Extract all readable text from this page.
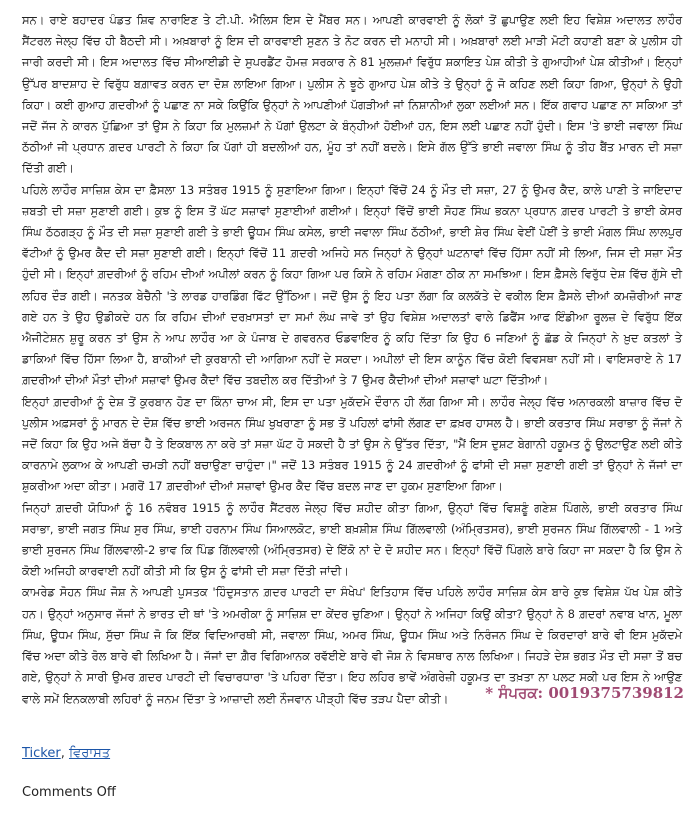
ਸਨ। ਰਾਏ ਬਹਾਦਰ ਪੰਡਤ ਸ਼ਿਵ ਨਾਰਾਇਣ ਤੇ ਟੀ.ਪੀ. ਐਲਿਸ ਇਸ ਦੇ ਮੈਂਬਰ ਸਨ। ਆਪਣੀ ਕਾਰਵਾਈ ਨੂੰ ਲੋਕਾਂ ਤੋਂ ਛੁਪਾਉਣ ਲਈ ਇਹ ਵਿਸ਼ੇਸ਼ ਅਦਾਲਤ ਲਾਹੌਰ ਸੈਂਟਰਲ ਜੇਲ੍ਹ ਵਿੱਚ ਹੀ ਬੈਠਦੀ ਸੀ। ਅਖ਼ਬਾਰਾਂ ਨੂੰ ਇਸ ਦੀ ਕਾਰਵਾਈ ਸੁਣਨ ਤੇ ਨੋਟ ਕਰਨ ਦੀ ਮਨਾਹੀ ਸੀ। ਅਖ਼ਬਾਰਾਂ ਲਈ ਮਾੜੀ ਮੋਟੀ ਕਹਾਣੀ ਬਣਾ ਕੇ ਪੁਲੀਸ ਹੀ ਜਾਰੀ ਕਰਦੀ ਸੀ। ਇਸ ਅਦਾਲਤ ਵਿੱਚ ਸੀਆਈਡੀ ਦੇ ਸੁਪਰਡੈਂਟ ਹੋਮਜ਼ ਸਰਕਾਰ ਨੇ 81 ਮੁਲਜ਼ਮਾਂ ਵਿਰੁੱਧ ਸ਼ਕਾਇਤ ਪੇਸ਼ ਕੀਤੀ ਤੇ ਗੁਆਹੀਆਂ ਪੇਸ਼ ਕੀਤੀਆਂ। ਇਨ੍ਹਾਂ ਉੱਪਰ ਬਾਦਸ਼ਾਹ ਦੇ ਵਿਰੁੱਧ ਬਗ਼ਾਵਤ ਕਰਨ ਦਾ ਦੋਸ਼ ਲਾਇਆ ਗਿਆ। ਪੁਲੀਸ ਨੇ ਝੂਠੇ ਗੁਆਹ ਪੇਸ਼ ਕੀਤੇ ਤੇ ਉਨ੍ਹਾਂ ਨੂੰ ਜੋ ਕਹਿਣ ਲਈ ਕਿਹਾ ਗਿਆ, ਉਨ੍ਹਾਂ ਨੇ ਉਹੀ ਕਿਹਾ। ਕਈ ਗੁਆਹ ਗ਼ਦਰੀਆਂ ਨੂੰ ਪਛਾਣ ਨਾ ਸਕੇ ਕਿਉਂਕਿ ਉਨ੍ਹਾਂ ਨੇ ਆਪਣੀਆਂ ਪੱਗੜੀਆਂ ਜਾਂ ਨਿਸ਼ਾਨੀਆਂ ਲੁਕਾ ਲਈਆਂ ਸਨ। ਇੱਕ ਗਵਾਹ ਪਛਾਣ ਨਾ ਸਕਿਆ ਤਾਂ ਜਦੋਂ ਜੱਜ ਨੇ ਕਾਰਨ ਪੁੱਛਿਆ ਤਾਂ ਉਸ ਨੇ ਕਿਹਾ ਕਿ ਮੁਲਜ਼ਮਾਂ ਨੇ ਪੱਗਾਂ ਉਲਟਾ ਕੇ ਬੰਨ੍ਹੀਆਂ ਹੋਈਆਂ ਹਨ, ਇਸ ਲਈ ਪਛਾਣ ਨਹੀਂ ਹੁੰਦੀ। ਇਸ 'ਤੇ ਭਾਈ ਜਵਾਲਾ ਸਿੰਘ ਠੱਠੀਆਂ ਜੀ ਪ੍ਰਧਾਨ ਗ਼ਦਰ ਪਾਰਟੀ ਨੇ ਕਿਹਾ ਕਿ ਪੱਗਾਂ ਹੀ ਬਦਲੀਆਂ ਹਨ, ਮੂੰਹ ਤਾਂ ਨਹੀਂ ਬਦਲੇ। ਇਸੇ ਗੱਲ ਉੱਤੇ ਭਾਈ ਜਵਾਲਾ ਸਿੰਘ ਨੂੰ ਤੀਹ ਬੈਂਤ ਮਾਰਨ ਦੀ ਸਜ਼ਾ ਦਿੱਤੀ ਗਈ।

ਪਹਿਲੇ ਲਾਹੌਰ ਸਾਜ਼ਿਸ਼ ਕੇਸ ਦਾ ਫ਼ੈਸਲਾ 13 ਸਤੰਬਰ 1915 ਨੂੰ ਸੁਣਾਇਆ ਗਿਆ। ਇਨ੍ਹਾਂ ਵਿੱਚੋਂ 24 ਨੂੰ ਮੌਤ ਦੀ ਸਜ਼ਾ, 27 ਨੂੰ ਉਮਰ ਕੈਦ, ਕਾਲੇ ਪਾਣੀ ਤੇ ਜਾਇਦਾਦ ਜ਼ਬਤੀ ਦੀ ਸਜ਼ਾ ਸੁਣਾਈ ਗਈ। ਕੁਝ ਨੂੰ ਇਸ ਤੋਂ ਘੱਟ ਸਜ਼ਾਵਾਂ ਸੁਣਾਈਆਂ ਗਈਆਂ। ਇਨ੍ਹਾਂ ਵਿੱਚੋਂ ਭਾਈ ਸੋਹਣ ਸਿੰਘ ਭਕਨਾ ਪ੍ਰਧਾਨ ਗ਼ਦਰ ਪਾਰਟੀ ਤੇ ਭਾਈ ਕੇਸਰ ਸਿੰਘ ਠੱਠਗੜ੍ਹ ਨੂੰ ਮੌਤ ਦੀ ਸਜ਼ਾ ਸੁਣਾਈ ਗਈ ਤੇ ਭਾਈ ਊਧਮ ਸਿੰਘ ਕਸੇਲ, ਭਾਈ ਜਵਾਲਾ ਸਿੰਘ ਠੱਠੀਆਂ, ਭਾਈ ਸ਼ੇਰ ਸਿੰਘ ਵੇਈਂ ਪੋਈਂ ਤੇ ਭਾਈ ਮੰਗਲ ਸਿੰਘ ਲਾਲਪੁਰ ਵੱਟੀਆਂ ਨੂੰ ਉਮਰ ਕੈਦ ਦੀ ਸਜ਼ਾ ਸੁਣਾਈ ਗਈ। ਇਨ੍ਹਾਂ ਵਿੱਚੋਂ 11 ਗ਼ਦਰੀ ਅਜਿਹੇ ਸਨ ਜਿਨ੍ਹਾਂ ਨੇ ਉਨ੍ਹਾਂ ਘਟਨਾਵਾਂ ਵਿੱਚ ਹਿੱਸਾ ਨਹੀਂ ਸੀ ਲਿਆ, ਜਿਸ ਦੀ ਸਜ਼ਾ ਮੌਤ ਹੁੰਦੀ ਸੀ। ਇਨ੍ਹਾਂ ਗ਼ਦਰੀਆਂ ਨੂੰ ਰਹਿਮ ਦੀਆਂ ਅਪੀਲਾਂ ਕਰਨ ਨੂੰ ਕਿਹਾ ਗਿਆ ਪਰ ਕਿਸੇ ਨੇ ਰਹਿਮ ਮੰਗਣਾ ਠੀਕ ਨਾ ਸਮਝਿਆ। ਇਸ ਫ਼ੈਸਲੇ ਵਿਰੁੱਧ ਦੇਸ਼ ਵਿੱਚ ਗੁੱਸੇ ਦੀ ਲਹਿਰ ਦੌੜ ਗਈ। ਜਨਤਕ ਬੇਚੈਨੀ 'ਤੇ ਲਾਰਡ ਹਾਰਡਿੰਗ ਫਿੱਟ ਉੱਠਿਆ। ਜਦੋਂ ਉਸ ਨੂੰ ਇਹ ਪਤਾ ਲੱਗਾ ਕਿ ਕਲਕੱਤੇ ਦੇ ਵਕੀਲ ਇਸ ਫ਼ੈਸਲੇ ਦੀਆਂ ਕਮਜ਼ੋਰੀਆਂ ਜਾਣ ਗਏ ਹਨ ਤੇ ਉਹ ਉਡੀਕਦੇ ਹਨ ਕਿ ਰਹਿਮ ਦੀਆਂ ਦਰਖ਼ਾਸਤਾਂ ਦਾ ਸਮਾਂ ਲੰਘ ਜਾਵੇ ਤਾਂ ਉਹ ਵਿਸ਼ੇਸ਼ ਅਦਾਲਤਾਂ ਵਾਲੇ ਡਿਫੈਂਸ ਆਫ ਇੰਡੀਆ ਰੂਲਜ਼ ਦੇ ਵਿਰੁੱਧ ਇੱਕ ਐਜੀਟੇਸ਼ਨ ਸ਼ੁਰੂ ਕਰਨ ਤਾਂ ਉਸ ਨੇ ਆਪ ਲਾਹੌਰ ਆ ਕੇ ਪੰਜਾਬ ਦੇ ਗਵਰਨਰ ਓਡਵਾਇਰ ਨੂੰ ਕਹਿ ਦਿੱਤਾ ਕਿ ਉਹ 6 ਜਣਿਆਂ ਨੂੰ ਛੱਡ ਕੇ ਜਿਨ੍ਹਾਂ ਨੇ ਖ਼ੁਦ ਕਤਲਾਂ ਤੇ ਡਾਕਿਆਂ ਵਿੱਚ ਹਿੱਸਾ ਲਿਆ ਹੈ, ਬਾਕੀਆਂ ਦੀ ਕੁਰਬਾਨੀ ਦੀ ਆਗਿਆ ਨਹੀਂ ਦੇ ਸਕਦਾ। ਅਪੀਲਾਂ ਦੀ ਇਸ ਕਾਨੂੰਨ ਵਿੱਚ ਕੋਈ ਵਿਵਸਥਾ ਨਹੀਂ ਸੀ। ਵਾਇਸਰਾਏ ਨੇ 17 ਗ਼ਦਰੀਆਂ ਦੀਆਂ ਮੌਤਾਂ ਦੀਆਂ ਸਜ਼ਾਵਾਂ ਉਮਰ ਕੈਦਾਂ ਵਿੱਚ ਤਬਦੀਲ ਕਰ ਦਿੱਤੀਆਂ ਤੇ 7 ਉਮਰ ਕੈਦੀਆਂ ਦੀਆਂ ਸਜ਼ਾਵਾਂ ਘਟਾ ਦਿੱਤੀਆਂ।

ਇਨ੍ਹਾਂ ਗ਼ਦਰੀਆਂ ਨੂੰ ਦੇਸ਼ ਤੋਂ ਕੁਰਬਾਨ ਹੋਣ ਦਾ ਕਿੰਨਾ ਚਾਅ ਸੀ, ਇਸ ਦਾ ਪਤਾ ਮੁਕੱਦਮੇ ਦੌਰਾਨ ਹੀ ਲੱਗ ਗਿਆ ਸੀ। ਲਾਹੌਰ ਜੇਲ੍ਹ ਵਿੱਚ ਅਨਾਰਕਲੀ ਬਾਜ਼ਾਰ ਵਿੱਚ ਦੋ ਪੁਲੀਸ ਅਫ਼ਸਰਾਂ ਨੂੰ ਮਾਰਨ ਦੇ ਦੋਸ਼ ਵਿੱਚ ਭਾਈ ਅਰਜਨ ਸਿੰਘ ਖੁਖਰਾਣਾ ਨੂੰ ਸਭ ਤੋਂ ਪਹਿਲਾਂ ਫਾਂਸੀ ਲੱਗਣ ਦਾ ਫ਼ਖ਼ਰ ਹਾਸਲ ਹੈ। ਭਾਈ ਕਰਤਾਰ ਸਿੰਘ ਸਰਾਭਾ ਨੂੰ ਜੱਜਾਂ ਨੇ ਜਦੋਂ ਕਿਹਾ ਕਿ ਉਹ ਅਜੇ ਬੱਚਾ ਹੈ ਤੇ ਇਕਬਾਲ ਨਾ ਕਰੇ ਤਾਂ ਸਜ਼ਾ ਘੱਟ ਹੋ ਸਕਦੀ ਹੈ ਤਾਂ ਉਸ ਨੇ ਉੱਤਰ ਦਿੱਤਾ, "ਮੈਂ ਇਸ ਦੁਸ਼ਟ ਬੇਗਾਨੀ ਹਕੂਮਤ ਨੂੰ ਉਲਟਾਉਣ ਲਈ ਕੀਤੇ ਕਾਰਨਾਮੇ ਲੁਕਾਅ ਕੇ ਆਪਣੀ ਚਮੜੀ ਨਹੀਂ ਬਚਾਉਣਾ ਚਾਹੁੰਦਾ।" ਜਦੋਂ 13 ਸਤੰਬਰ 1915 ਨੂੰ 24 ਗ਼ਦਰੀਆਂ ਨੂੰ ਫਾਂਸੀ ਦੀ ਸਜ਼ਾ ਸੁਣਾਈ ਗਈ ਤਾਂ ਉਨ੍ਹਾਂ ਨੇ ਜੱਜਾਂ ਦਾ ਸ਼ੁਕਰੀਆ ਅਦਾ ਕੀਤਾ। ਮਗਰੋਂ 17 ਗ਼ਦਰੀਆਂ ਦੀਆਂ ਸਜ਼ਾਵਾਂ ਉਮਰ ਕੈਦ ਵਿੱਚ ਬਦਲ ਜਾਣ ਦਾ ਹੁਕਮ ਸੁਣਾਇਆ ਗਿਆ।

ਜਿਨ੍ਹਾਂ ਗ਼ਦਰੀ ਯੋਧਿਆਂ ਨੂੰ 16 ਨਵੰਬਰ 1915 ਨੂੰ ਲਾਹੌਰ ਸੈਂਟਰਲ ਜੇਲ੍ਹ ਵਿੱਚ ਸ਼ਹੀਦ ਕੀਤਾ ਗਿਆ, ਉਨ੍ਹਾਂ ਵਿੱਚ ਵਿਸ਼ਣੂੰ ਗਣੇਸ਼ ਪਿੰਗਲੇ, ਭਾਈ ਕਰਤਾਰ ਸਿੰਘ ਸਰਾਭਾ, ਭਾਈ ਜਗਤ ਸਿੰਘ ਸੁਰ ਸਿੰਘ, ਭਾਈ ਹਰਨਾਮ ਸਿੰਘ ਸਿਆਲਕੋਟ, ਭਾਈ ਬਖ਼ਸ਼ੀਸ਼ ਸਿੰਘ ਗਿੱਲਵਾਲੀ (ਅੰਮ੍ਰਿਤਸਰ), ਭਾਈ ਸੁਰਜਨ ਸਿੰਘ ਗਿੱਲਵਾਲੀ - 1 ਅਤੇ ਭਾਈ ਸੁਰਜਨ ਸਿੰਘ ਗਿੱਲਵਾਲੀ-2 ਭਾਵ ਕਿ ਪਿੰਡ ਗਿੱਲਵਾਲੀ (ਅੰਮ੍ਰਿਤਸਰ) ਦੇ ਇੱਕੋ ਨਾਂ ਦੇ ਦੋ ਸ਼ਹੀਦ ਸਨ। ਇਨ੍ਹਾਂ ਵਿੱਚੋਂ ਪਿੰਗਲੇ ਬਾਰੇ ਕਿਹਾ ਜਾ ਸਕਦਾ ਹੈ ਕਿ ਉਸ ਨੇ ਕੋਈ ਅਜਿਹੀ ਕਾਰਵਾਈ ਨਹੀਂ ਕੀਤੀ ਸੀ ਕਿ ਉਸ ਨੂੰ ਫਾਂਸੀ ਦੀ ਸਜ਼ਾ ਦਿੱਤੀ ਜਾਂਦੀ।

ਕਾਮਰੇਡ ਸੋਹਨ ਸਿੰਘ ਜੋਸ਼ ਨੇ ਆਪਣੀ ਪੁਸਤਕ 'ਹਿੰਦੁਸਤਾਨ ਗ਼ਦਰ ਪਾਰਟੀ ਦਾ ਸੰਖੇਪ' ਇਤਿਹਾਸ ਵਿੱਚ ਪਹਿਲੇ ਲਾਹੌਰ ਸਾਜ਼ਿਸ਼ ਕੇਸ ਬਾਰੇ ਕੁਝ ਵਿਸ਼ੇਸ਼ ਪੱਖ ਪੇਸ਼ ਕੀਤੇ ਹਨ। ਉਨ੍ਹਾਂ ਅਨੁਸਾਰ ਜੱਜਾਂ ਨੇ ਭਾਰਤ ਦੀ ਥਾਂ 'ਤੇ ਅਮਰੀਕਾ ਨੂੰ ਸਾਜ਼ਿਸ਼ ਦਾ ਕੇਂਦਰ ਚੁਣਿਆ। ਉਨ੍ਹਾਂ ਨੇ ਅਜਿਹਾ ਕਿਉਂ ਕੀਤਾ? ਉਨ੍ਹਾਂ ਨੇ 8 ਗ਼ਦਰਾਂ ਨਵਾਬ ਖਾਨ, ਮੂਲਾ ਸਿੰਘ, ਊਧਮ ਸਿੰਘ, ਸੁੱਚਾ ਸਿੰਘ ਜੋ ਕਿ ਇੱਕ ਵਿਦਿਆਰਥੀ ਸੀ, ਜਵਾਲਾ ਸਿੰਘ, ਅਮਰ ਸਿੰਘ, ਊਧਮ ਸਿੰਘ ਅਤੇ ਨਿਰੰਜਨ ਸਿੰਘ ਦੇ ਕਿਰਦਾਰਾਂ ਬਾਰੇ ਵੀ ਇਸ ਮੁਕੱਦਮੇ ਵਿੱਚ ਅਦਾ ਕੀਤੇ ਰੋਲ ਬਾਰੇ ਵੀ ਲਿਖਿਆ ਹੈ। ਜੱਜਾਂ ਦਾ ਗ਼ੈਰ ਵਿਗਿਆਨਕ ਰਵੱਈਏ ਬਾਰੇ ਵੀ ਜੋਸ਼ ਨੇ ਵਿਸਥਾਰ ਨਾਲ ਲਿਖਿਆ। ਜਿਹੜੇ ਦੇਸ਼ ਭਗਤ ਮੌਤ ਦੀ ਸਜ਼ਾ ਤੋਂ ਬਚ ਗਏ, ਉਨ੍ਹਾਂ ਨੇ ਸਾਰੀ ਉਮਰ ਗ਼ਦਰ ਪਾਰਟੀ ਦੀ ਵਿਚਾਰਧਾਰਾ 'ਤੇ ਪਹਿਰਾ ਦਿੱਤਾ। ਇਹ ਲਹਿਰ ਭਾਵੇਂ ਅੰਗਰੇਜ਼ੀ ਹਕੂਮਤ ਦਾ ਤਖ਼ਤਾ ਨਾ ਪਲਟ ਸਕੀ ਪਰ ਇਸ ਨੇ ਆਉਣ ਵਾਲੇ ਸਮੇਂ ਇਨਕਲਾਬੀ ਲਹਿਰਾਂ ਨੂੰ ਜਨਮ ਦਿੱਤਾ ਤੇ ਆਜ਼ਾਦੀ ਲਈ ਨੌਜਵਾਨ ਪੀੜ੍ਹੀ ਵਿੱਚ ਤੜਪ ਪੈਦਾ ਕੀਤੀ।	* ਸੰਪਰਕ: 0019375739812
Ticker, ਵਿਰਾਸਤ
Comments Off
